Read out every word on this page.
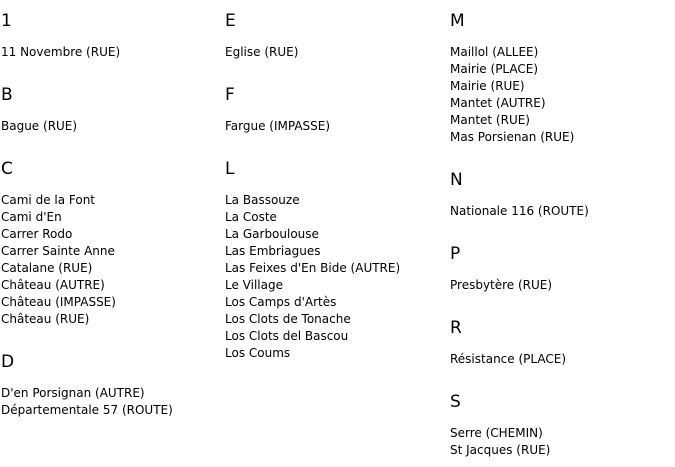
1
11 Novembre (RUE)
B
Bague (RUE)
C
Cami de la Font
Cami d'En
Carrer Rodo
Carrer Sainte Anne
Catalane (RUE)
Château (AUTRE)
Château (IMPASSE)
Château (RUE)
D
D'en Porsignan (AUTRE)
Départementale 57 (ROUTE)
E
Eglise (RUE)
F
Fargue (IMPASSE)
L
La Bassouze
La Coste
La Garboulouse
Las Embriagues
Las Feixes d'En Bide (AUTRE)
Le Village
Los Camps d'Artès
Los Clots de Tonache
Los Clots del Bascou
Los Coums
M
Maillol (ALLEE)
Mairie (PLACE)
Mairie (RUE)
Mantet (AUTRE)
Mantet (RUE)
Mas Porsienan (RUE)
N
Nationale 116 (ROUTE)
P
Presbytère (RUE)
R
Résistance (PLACE)
S
Serre (CHEMIN)
St Jacques (RUE)
